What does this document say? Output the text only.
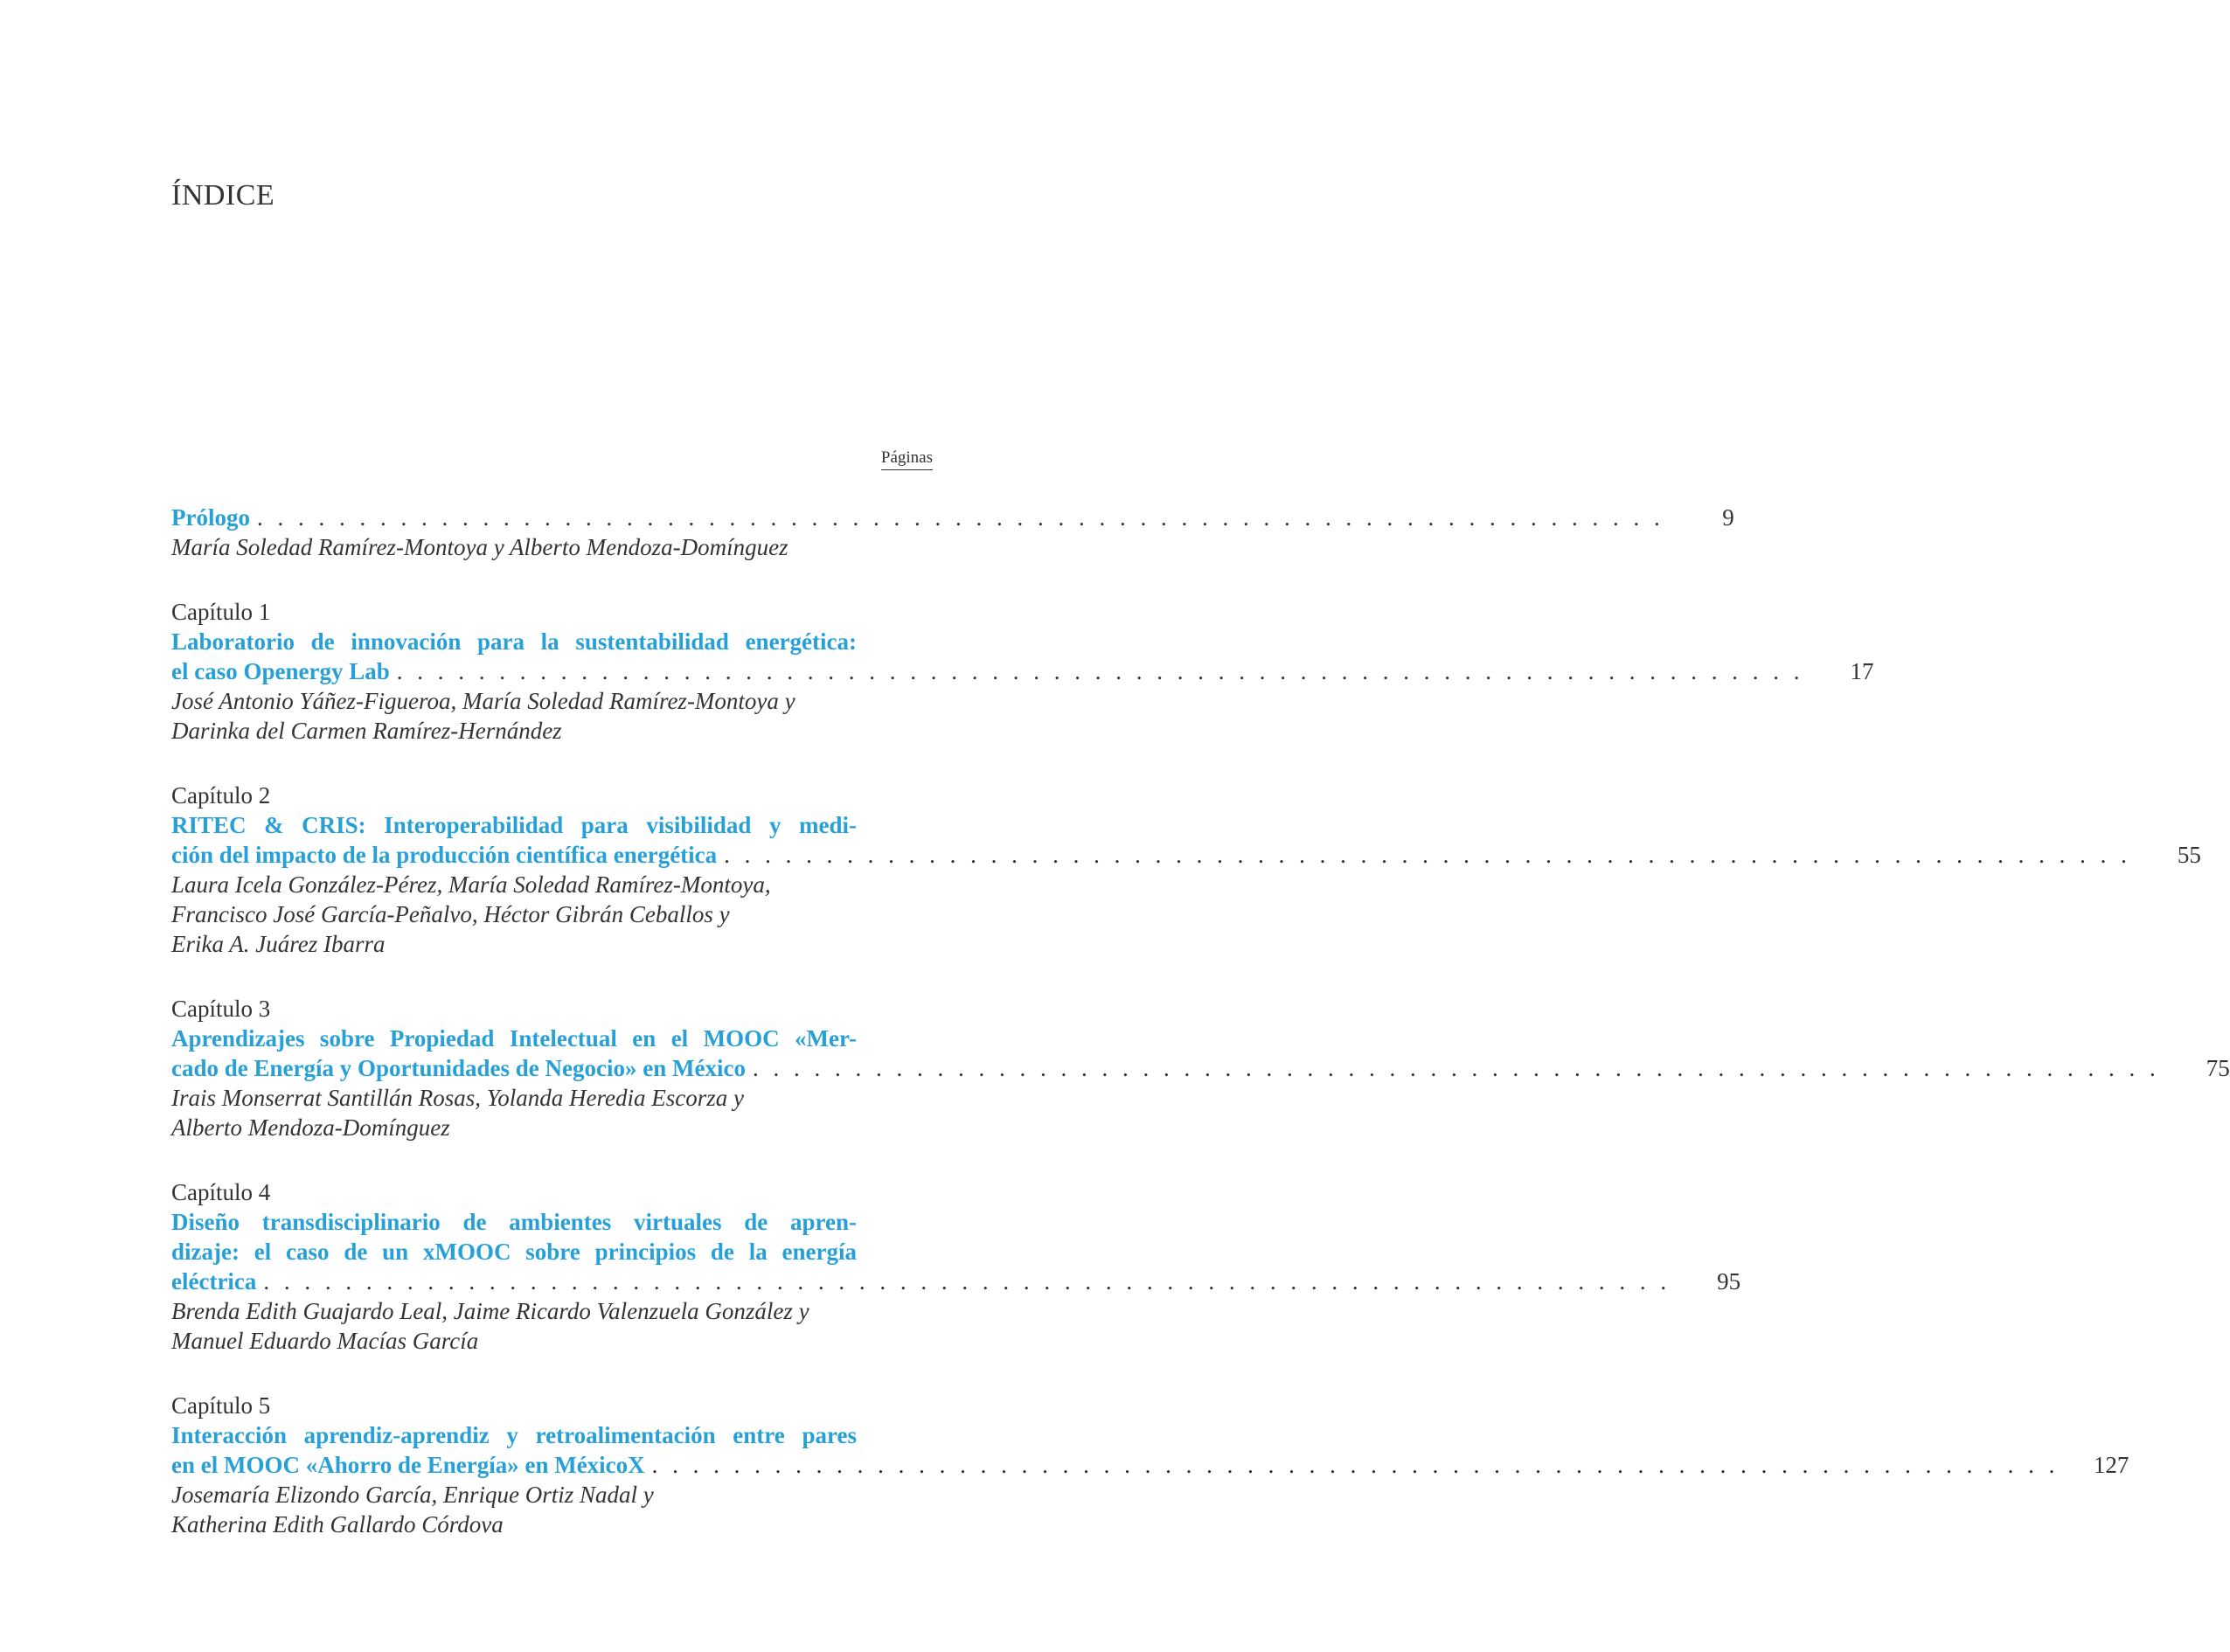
ÍNDICE
Páginas
Prólogo . . . . . . . . . . . . . . . . . . . . . . . . . . . . . . . . . . . . . . . . . . . . . . . . . . . . . . . . . . . . . . . . . . . . .	9
María Soledad Ramírez-Montoya y Alberto Mendoza-Domínguez
Capítulo 1
Laboratorio de innovación para la sustentabilidad energética:
el caso Openergy Lab . . . . . . . . . . . . . . . . . . . . . . . . . . . . . . . . . . . . . . . . . . . . . . . . . . . . . . . . . . . . . . . . . . . . .	17
José Antonio Yáñez-Figueroa, María Soledad Ramírez-Montoya y
Darinka del Carmen Ramírez-Hernández
Capítulo 2
RITEC & CRIS: Interoperabilidad para visibilidad y medi-
ción del impacto de la producción científica energética . . . . . . . . . . . . . . . . . . . . . . . . . . . . . . . . . . . . . . . . . . . . . . . . . . . . . . . . . . . . . . . . . . . . .	55
Laura Icela González-Pérez, María Soledad Ramírez-Montoya,
Francisco José García-Peñalvo, Héctor Gibrán Ceballos y
Erika A. Juárez Ibarra
Capítulo 3
Aprendizajes sobre Propiedad Intelectual en el MOOC «Mer-
cado de Energía y Oportunidades de Negocio» en México . . . . . . . . . . . . . . . . . . . . . . . . . . . . . . . . . . . . . . . . . . . . . . . . . . . . . . . . . . . . . . . . . . . . .	75
Irais Monserrat Santillán Rosas, Yolanda Heredia Escorza y
Alberto Mendoza-Domínguez
Capítulo 4
Diseño transdisciplinario de ambientes virtuales de apren-
dizaje: el caso de un xMOOC sobre principios de la energía
eléctrica . . . . . . . . . . . . . . . . . . . . . . . . . . . . . . . . . . . . . . . . . . . . . . . . . . . . . . . . . . . . . . . . . . . . .	95
Brenda Edith Guajardo Leal, Jaime Ricardo Valenzuela González y
Manuel Eduardo Macías García
Capítulo 5
Interacción aprendiz-aprendiz y retroalimentación entre pares
en el MOOC «Ahorro de Energía» en MéxicoX . . . . . . . . . . . . . . . . . . . . . . . . . . . . . . . . . . . . . . . . . . . . . . . . . . . . . . . . . . . . . . . . . . . . .	127
Josemaría Elizondo García, Enrique Ortiz Nadal y
Katherina Edith Gallardo Córdova
